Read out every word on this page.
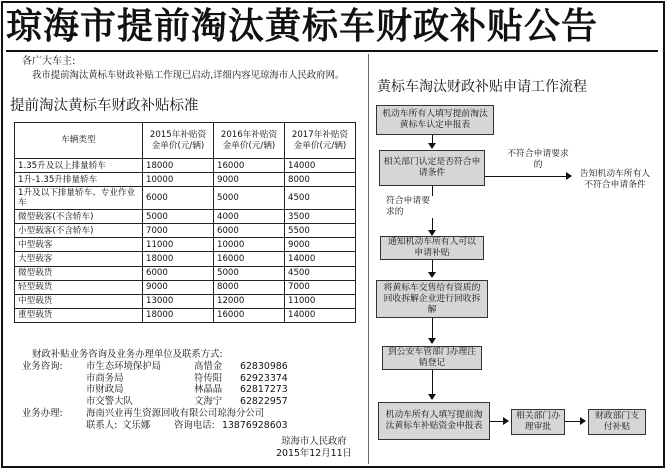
琼海市提前淘汰黄标车财政补贴公告
各广大车主:
我市提前淘汰黄标车财政补贴工作现已启动,详细内容见琼海市人民政府网。
提前淘汰黄标车财政补贴标准
车辆类型	2015年补贴资金单价(元/辆)	2016年补贴资金单价(元/辆)	2017年补贴资金单价(元/辆)
1.35升及以上排量轿车	18000	16000	14000
1升-1.35升排量轿车	10000	9000	8000
1升及以下排量轿车、专业作业车	6000	5000	4500
微型载客(不含轿车)	5000	4000	3500
小型载客(不含轿车)	7000	6000	5500
中型载客	11000	10000	9000
大型载客	18000	16000	14000
微型载货	6000	5000	4500
轻型载货	9000	8000	7000
中型载货	13000	12000	11000
重型载货	18000	16000	14000
财政补贴业务咨询及业务办理单位及联系方式:
业务咨询: 市生态环境保护局	高惜金 62830986
市商务局	符传阳 62923374
市财政局	林晶晶 62817273
市交警大队	文海宁 62822957
业务办理: 海南兴业再生资源回收有限公司琼海分公司
联系人: 文乐娜	咨询电话: 13876928603
琼海市人民政府
2015年12月11日
黄标车淘汰财政补贴申请工作流程
机动车所有人填写提前淘汰黄标车认定申报表
相关部门认定是否符合申请条件
不符合申请要求的
告知机动车所有人不符合申请条件
符合申请要求的
通知机动车所有人可以申请补贴
将黄标车交售给有资质的回收拆解企业进行回收拆解
到公安车管部门办理注销登记
机动车所有人填写提前淘汰黄标车补贴资金申报表
相关部门办理审批
财政部门支付补贴
